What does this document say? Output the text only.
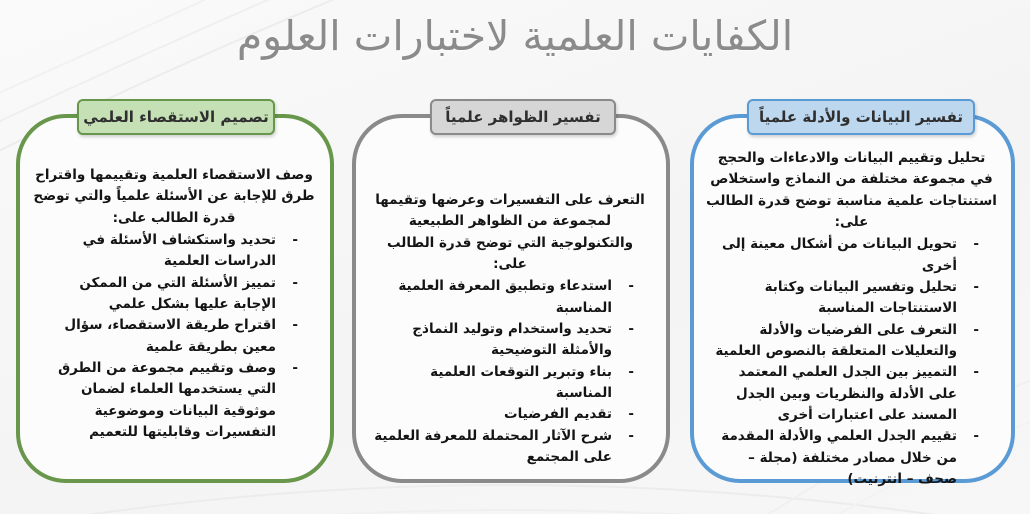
الكفايات العلمية لاختبارات العلوم
تصميم الاستقصاء العلمي

وصف الاستقصاء العلمية وتقييمها واقتراح طرق للإجابة عن الأسئلة علمياً والتي توضح قدرة الطالب على:

- تحديد واستكشاف الأسئلة في الدراسات العلمية
- تمييز الأسئلة التي من الممكن الإجابة عليها بشكل علمي
- اقتراح طريقة الاستقصاء، سؤال معين بطريقة علمية
- وصف وتقييم مجموعة من الطرق التي يستخدمها العلماء لضمان موثوقية البيانات وموضوعية التفسيرات وقابليتها للتعميم
تفسير الظواهر علمياً

التعرف على التفسيرات وعرضها وتقيمها لمجموعة من الظواهر الطبيعية والتكنولوجية التي توضح قدرة الطالب على:

- استدعاء وتطبيق المعرفة العلمية المناسبة
- تحديد واستخدام وتوليد النماذج والأمثلة التوضيحية
- بناء وتبرير التوقعات العلمية المناسبة
- تقديم الفرضيات
- شرح الآثار المحتملة للمعرفة العلمية على المجتمع
تفسير البيانات والأدلة علمياً

تحليل وتقييم البيانات والادعاءات والحجج في مجموعة مختلفة من النماذج واستخلاص استنتاجات علمية مناسبة توضح قدرة الطالب على:

- تحويل البيانات من أشكال معينة إلى أخرى
- تحليل وتفسير البيانات وكتابة الاستنتاجات المناسبة
- التعرف على الفرضيات والأدلة والتعليلات المتعلقة بالنصوص العلمية
- التمييز بين الجدل العلمي المعتمد على الأدلة والنظريات وبين الجدل المسند على اعتبارات أخرى
- تقييم الجدل العلمي والأدلة المقدمة من خلال مصادر مختلفة (مجلة – صحف – انترنيت)
